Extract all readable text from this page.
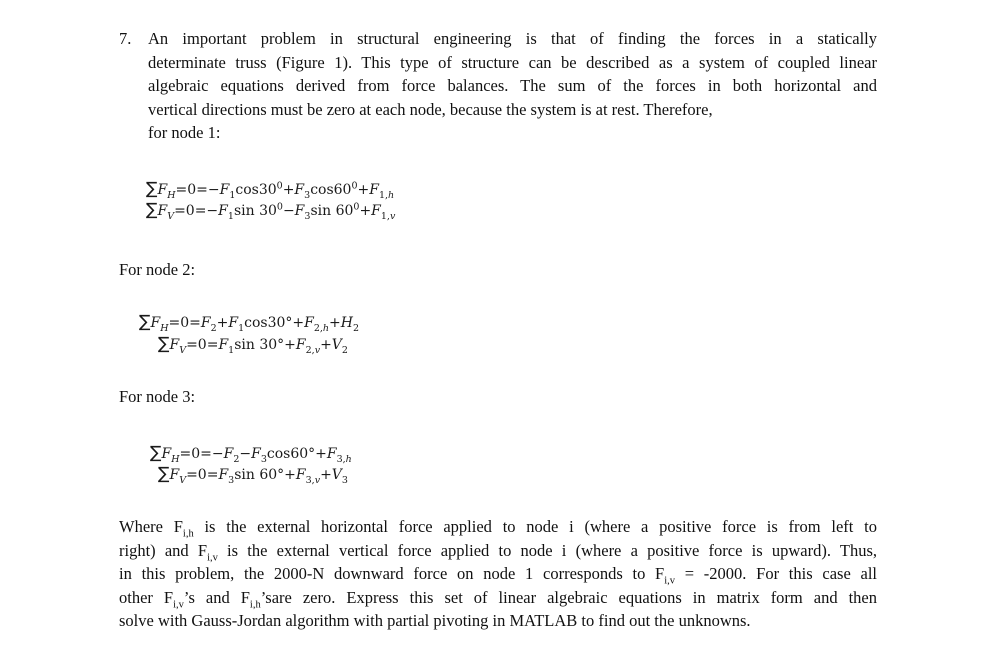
7. An important problem in structural engineering is that of finding the forces in a statically
determinate truss (Figure 1). This type of structure can be described as a system of coupled linear
algebraic equations derived from force balances. The sum of the forces in both horizontal and
vertical directions must be zero at each node, because the system is at rest. Therefore,
for node 1:
$\sum F_H=0=-F_1\cos 30^0+F_3\cos 60^0+F_{1,h}$
$\sum F_V=0=-F_1\sin$ $30^0-F_3\sin$ $60^0+F_{1,v}$
For node 2:
$\sum F_H=0=F_2+F_1\cos 30^\circ+F_{2,h}+H_2$
$\sum F_V=0=F_1\sin$ $30^\circ+F_{2,v}+V_2$
For node 3:
$\sum F_H=0=-F_2-F_3\cos 60^\circ+F_{3,h}$
$\sum F_V=0=F_3\sin$ $60^\circ+F_{3,v}+V_3$
Where $F_{i,h}$ is the external horizontal force applied to node i (where a positive force is from left to
right) and $F_{i,v}$ is the external vertical force applied to node i (where a positive force is upward). Thus,
in this problem, the 2000-N downward force on node 1 corresponds to $F_{i,v} = -2000$. For this case all
other $F_{i,v}’s$ and $F_{i,h}’sare$ zero. Express this set of linear algebraic equations in matrix form and then
solve with Gauss-Jordan algorithm with partial pivoting in MATLAB to find out the unknowns.
